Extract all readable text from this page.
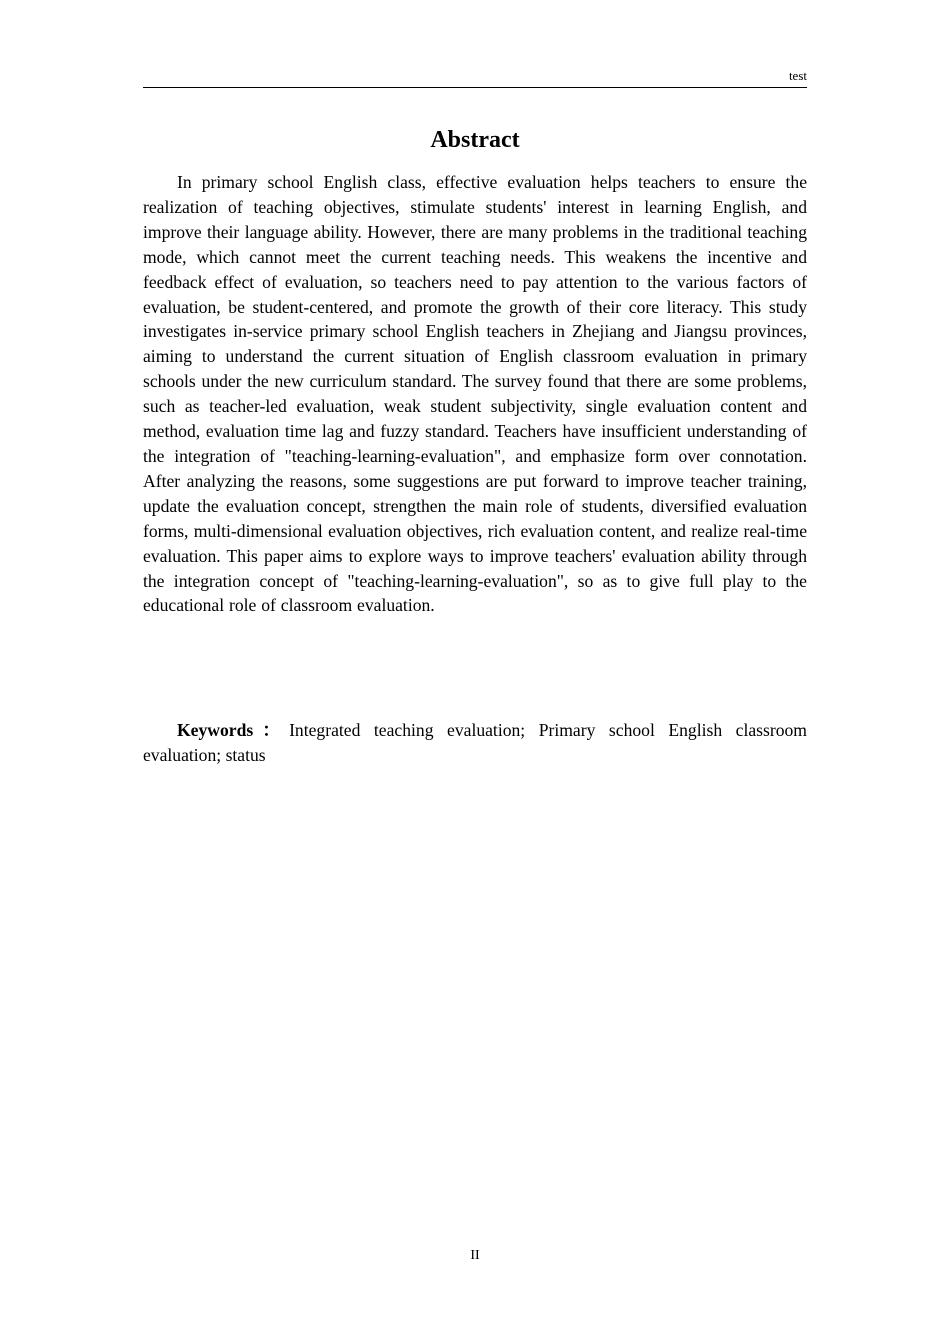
test
Abstract

In primary school English class, effective evaluation helps teachers to ensure the realization of teaching objectives, stimulate students' interest in learning English, and improve their language ability. However, there are many problems in the traditional teaching mode, which cannot meet the current teaching needs. This weakens the incentive and feedback effect of evaluation, so teachers need to pay attention to the various factors of evaluation, be student-centered, and promote the growth of their core literacy. This study investigates in-service primary school English teachers in Zhejiang and Jiangsu provinces, aiming to understand the current situation of English classroom evaluation in primary schools under the new curriculum standard. The survey found that there are some problems, such as teacher-led evaluation, weak student subjectivity, single evaluation content and method, evaluation time lag and fuzzy standard. Teachers have insufficient understanding of the integration of "teaching-learning-evaluation", and emphasize form over connotation. After analyzing the reasons, some suggestions are put forward to improve teacher training, update the evaluation concept, strengthen the main role of students, diversified evaluation forms, multi-dimensional evaluation objectives, rich evaluation content, and realize real-time evaluation. This paper aims to explore ways to improve teachers' evaluation ability through the integration concept of "teaching-learning-evaluation", so as to give full play to the educational role of classroom evaluation.

Keywords：Integrated teaching evaluation; Primary school English classroom evaluation; status

II
